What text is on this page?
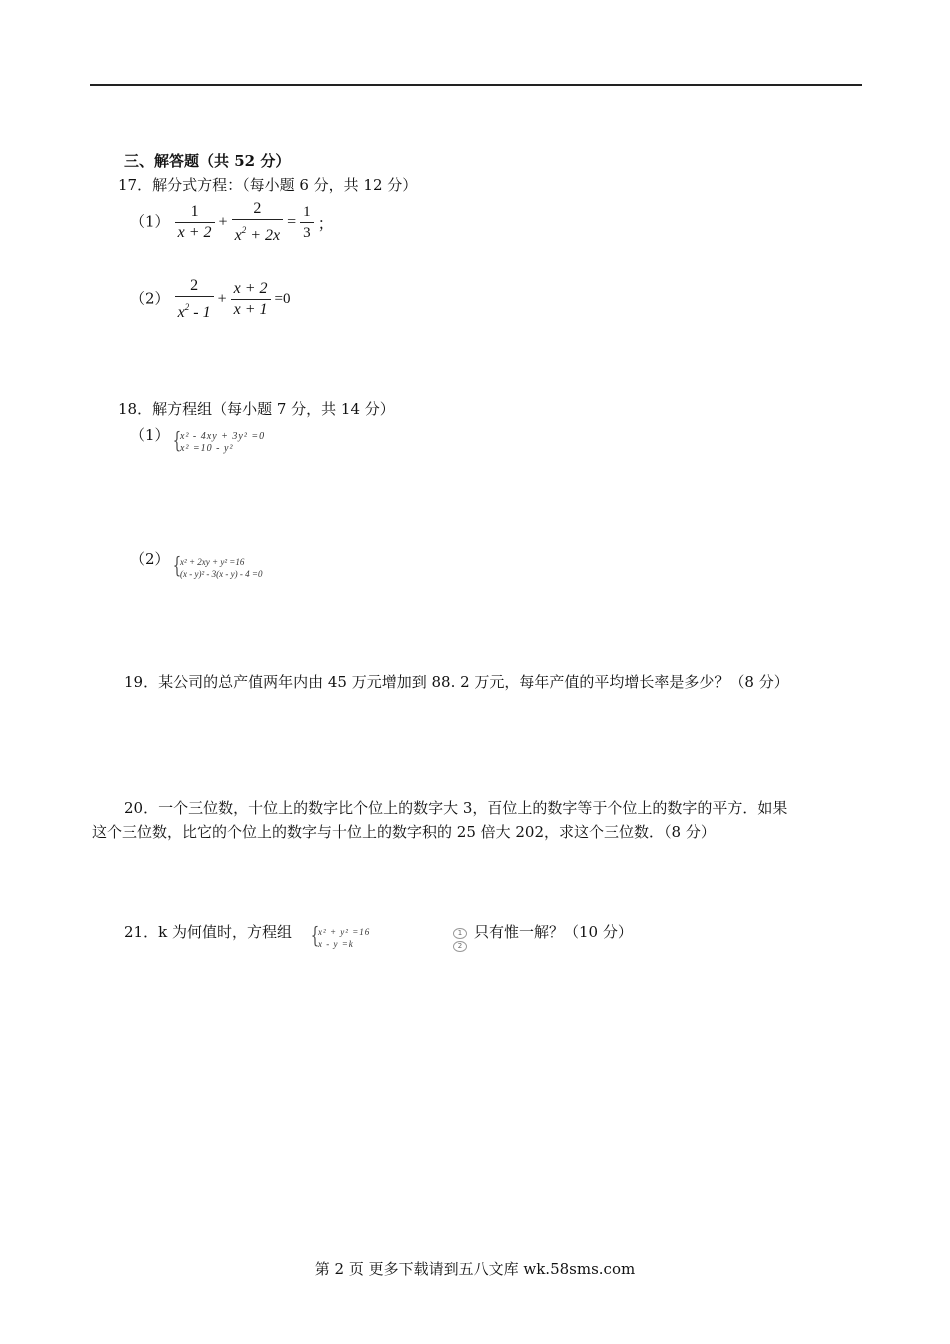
三、解答题（共 52 分）
17．解分式方程：（每小题 6 分，共 12 分）
$(1) \frac{1}{x + 2} + \frac{2}{x^2 + 2x} = \frac{1}{3}$ ；
$(2) \frac{2}{x^2 - 1} + \frac{x + 2}{x + 1} =0$
18．解方程组（每小题 7 分，共 14 分）
（1） {
x² - 4xy + 3y² =0
x² =10 - y²
（2） {
x² + 2xy + y² =16
(x - y)² - 3(x - y) - 4 =0
19．某公司的总产值两年内由 45 万元增加到 88. 2 万元，每年产值的平均增长率是多少？（8 分）
20．一个三位数，十位上的数字比个位上的数字大 3，百位上的数字等于个位上的数字的平方．如果
这个三位数，比它的个位上的数字与十位上的数字积的 25 倍大 202，求这个三位数．（8 分）
21．k 为何值时，方程组 {
x² + y² =16
x - y =k
1
2
只有惟一解？（10 分）
第 2 页 更多下载请到五八文库 wk.58sms.com
